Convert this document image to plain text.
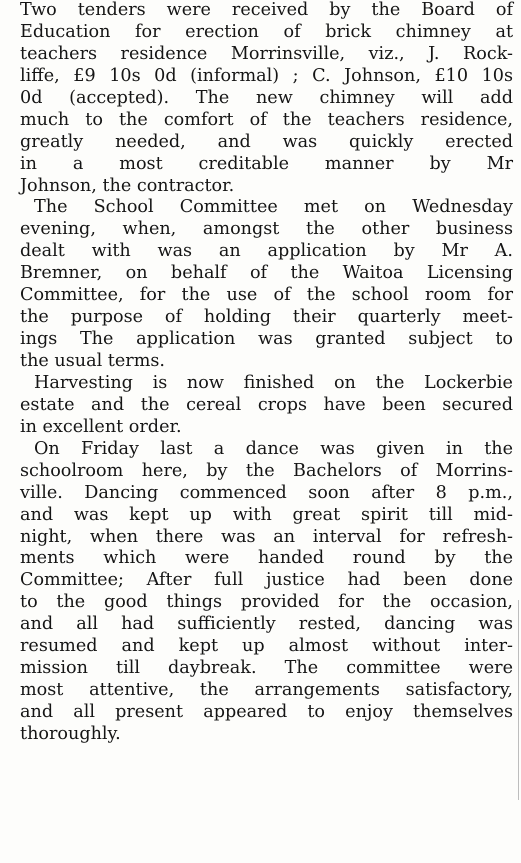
Two tenders were received by the Board of
Education for erection of brick chimney at
teachers residence Morrinsville, viz., J. Rock-
liffe, £9 10s 0d (informal) ; C. Johnson, £10 10s
0d (accepted). The new chimney will add
much to the comfort of the teachers residence,
greatly needed, and was quickly erected
in a most creditable manner by Mr
Johnson, the contractor.
The School Committee met on Wednesday
evening, when, amongst the other business
dealt with was an application by Mr A.
Bremner, on behalf of the Waitoa Licensing
Committee, for the use of the school room for
the purpose of holding their quarterly meet-
ings The application was granted subject to
the usual terms.
Harvesting is now finished on the Lockerbie
estate and the cereal crops have been secured
in excellent order.
On Friday last a dance was given in the
schoolroom here, by the Bachelors of Morrins-
ville. Dancing commenced soon after 8 p.m.,
and was kept up with great spirit till mid-
night, when there was an interval for refresh-
ments which were handed round by the
Committee; After full justice had been done
to the good things provided for the occasion,
and all had sufficiently rested, dancing was
resumed and kept up almost without inter-
mission till daybreak. The committee were
most attentive, the arrangements satisfactory,
and all present appeared to enjoy themselves
thoroughly.
